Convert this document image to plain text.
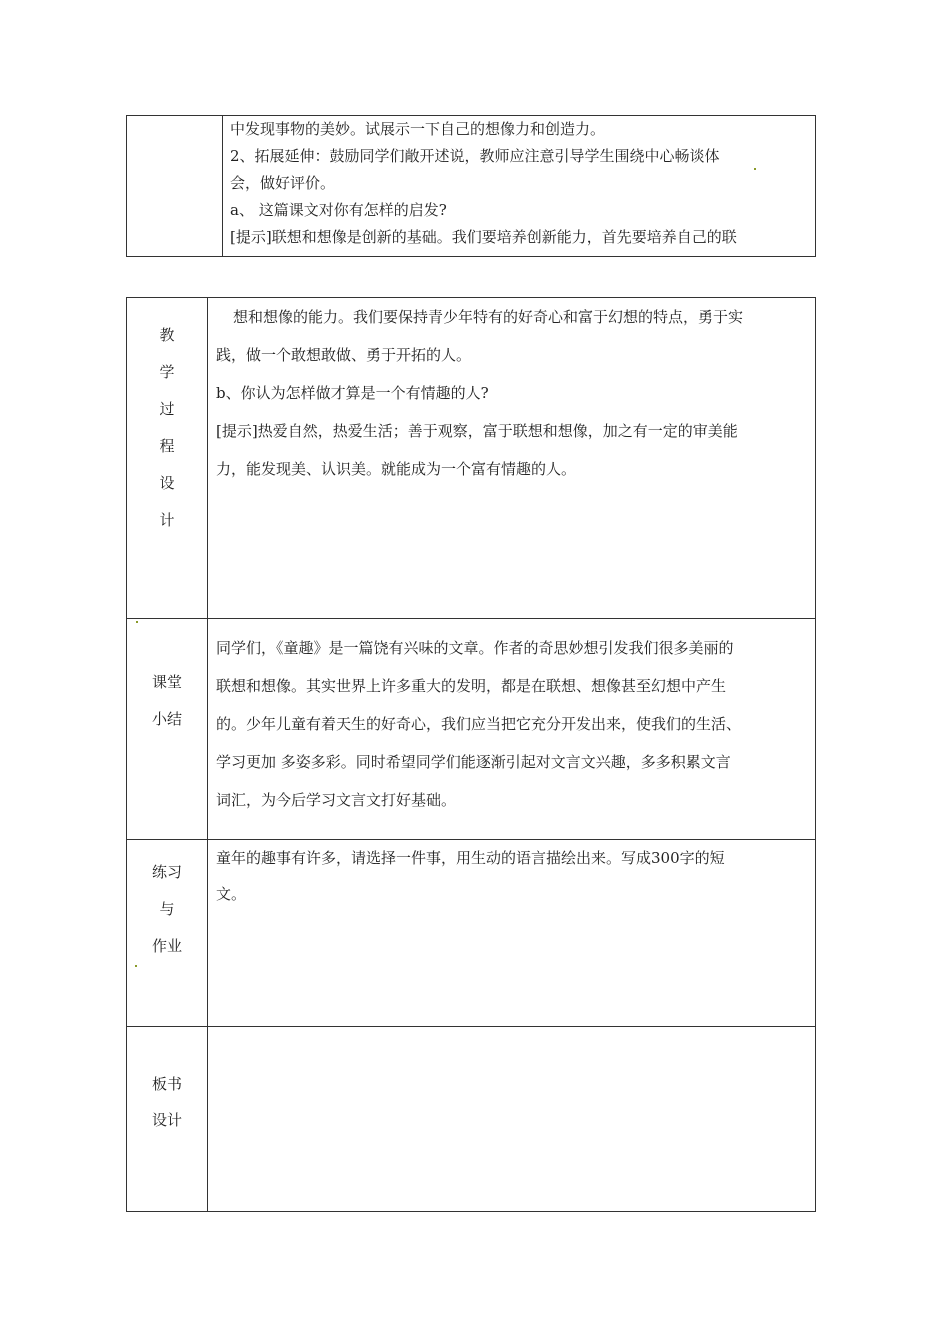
中发现事物的美妙。试展示一下自己的想像力和创造力。
2、拓展延伸：鼓励同学们敞开述说，教师应注意引导学生围绕中心畅谈体
会，做好评价。
a、 这篇课文对你有怎样的启发?
[提示]联想和想像是创新的基础。我们要培养创新能力，首先要培养自己的联
教
学
过
程
设
计
想和想像的能力。我们要保持青少年特有的好奇心和富于幻想的特点，勇于实
践，做一个敢想敢做、勇于开拓的人。
b、你认为怎样做才算是一个有情趣的人?
[提示]热爱自然，热爱生活；善于观察，富于联想和想像，加之有一定的审美能
力，能发现美、认识美。就能成为一个富有情趣的人。
课堂
小结
同学们，《童趣》是一篇饶有兴味的文章。作者的奇思妙想引发我们很多美丽的
联想和想像。其实世界上许多重大的发明，都是在联想、想像甚至幻想中产生
的。少年儿童有着天生的好奇心，我们应当把它充分开发出来，使我们的生活、
学习更加 多姿多彩。同时希望同学们能逐渐引起对文言文兴趣，多多积累文言
词汇，为今后学习文言文打好基础。
练习
与
作业
童年的趣事有许多，请选择一件事，用生动的语言描绘出来。写成300字的短
文。
板书
设计
